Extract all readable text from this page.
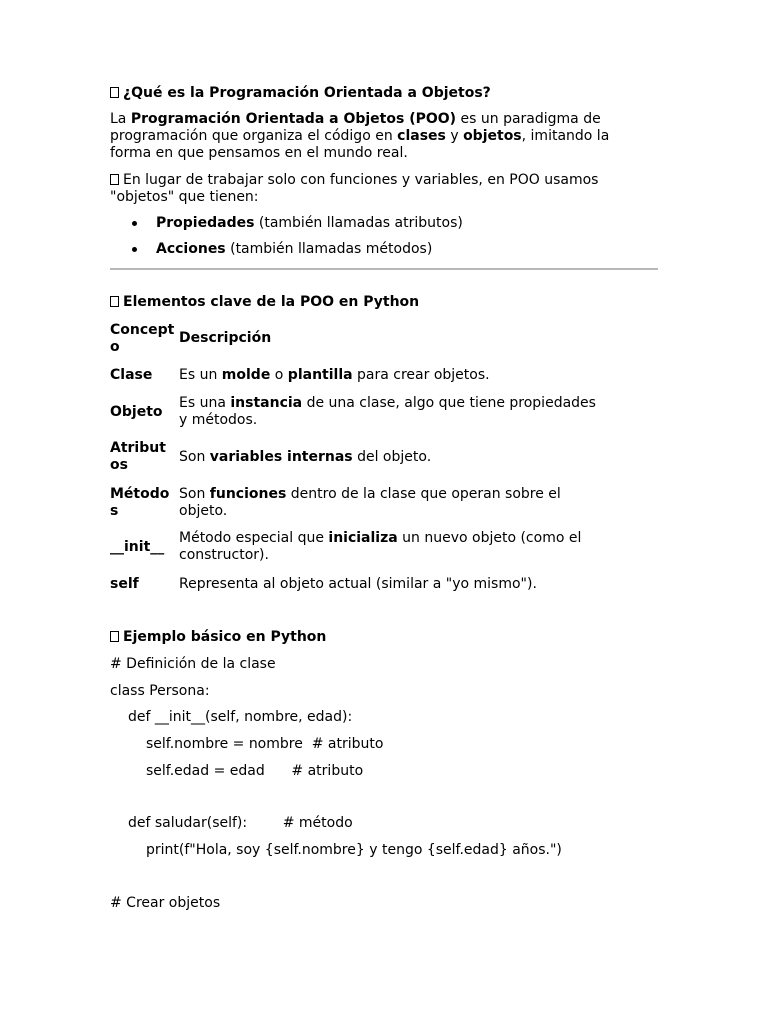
¿Qué es la Programación Orientada a Objetos?
La Programación Orientada a Objetos (POO) es un paradigma de
programación que organiza el código en clases y objetos, imitando la
forma en que pensamos en el mundo real.
En lugar de trabajar solo con funciones y variables, en POO usamos
"objetos" que tienen:
Propiedades (también llamadas atributos)
Acciones (también llamadas métodos)
Elementos clave de la POO en Python
Concept
o
Descripción
Clase Es un molde o plantilla para crear objetos.
Objeto
Es una instancia de una clase, algo que tiene propiedades
y métodos.
Atribut
os	Son variables internas del objeto.
Método
s
Son funciones dentro de la clase que operan sobre el
objeto.
__init__
Método especial que inicializa un nuevo objeto (como el
constructor).
self	Representa al objeto actual (similar a "yo mismo").
Ejemplo básico en Python
# Definición de la clase
class Persona:
def __init__(self, nombre, edad):
self.nombre = nombre  # atributo
self.edad = edad      # atributo
def saludar(self):        # método
print(f"Hola, soy {self.nombre} y tengo {self.edad} años.")
# Crear objetos
